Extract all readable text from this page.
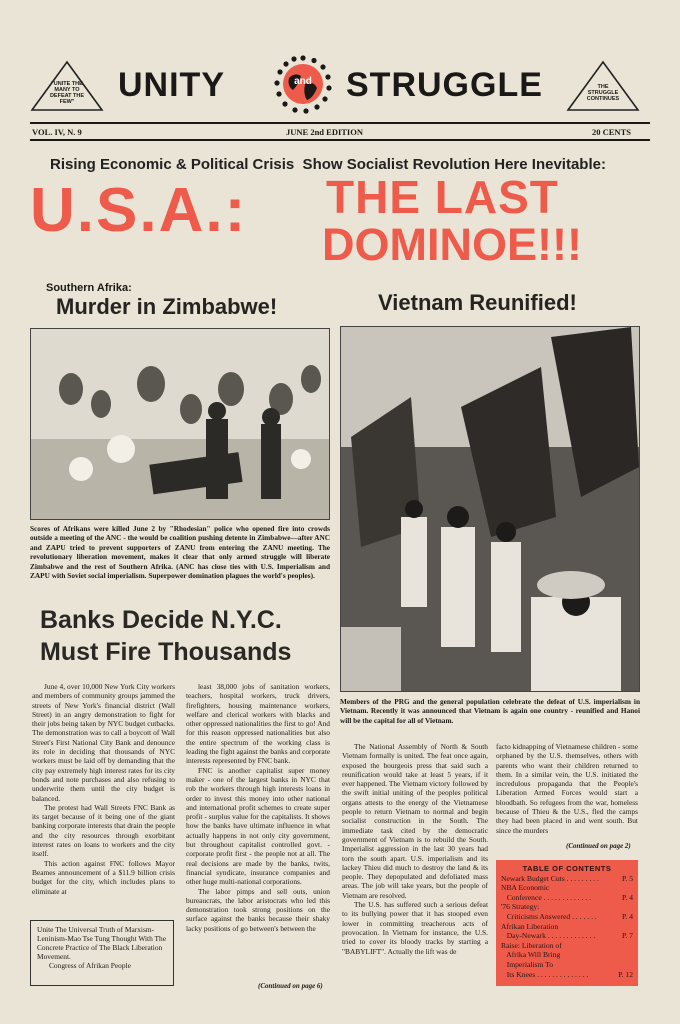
"UNITE THE MANY TO DEFEAT THE FEW"	UNITY	and	STRUGGLE	THE STRUGGLE CONTINUES
VOL. IV, N. 9	JUNE 2nd EDITION	20 CENTS
Rising Economic & Political Crisis  Show Socialist Revolution Here Inevitable:
U.S.A.: THE LAST
DOMINOE!!!
Southern Afrika:
Murder in Zimbabwe!
Scores of Afrikans were killed June 2 by "Rhodesian" police who opened fire into crowds outside a meeting of the ANC - the would be coalition pushing detente in Zimbabwe—after ANC and ZAPU tried to prevent supporters of ZANU from entering the ZANU meeting. The revolutionary liberation movement, makes it clear that only armed struggle will liberate Zimbabwe and the rest of Southern Afrika. (ANC has close ties with U.S. Imperialism and ZAPU with Soviet social imperialism. Superpower domination plagues the world's peoples).
Vietnam Reunified!
Members of the PRG and the general population celebrate the defeat of U.S. imperialism in Vietnam. Recently it was announced that Vietnam is again one country - reunified and Hanoi will be the capital for all of Vietnam.
Banks Decide N.Y.C.
Must Fire Thousands

June 4, over 10,000 New York City workers and members of community groups jammed the streets of New York's financial district (Wall Street) in an angry demonstration to fight for their jobs being taken by NYC budget cutbacks. The demonstration was to call a boycott of Wall Street's First National City Bank and denounce its role in deciding that thousands of NYC workers must be laid off by demanding that the city pay extremely high interest rates for its city bonds and note purchases and also refusing to underwrite them until the city budget is balanced.

The protest had Wall Streets FNC Bank as its target because of it being one of the giant banking corporate interests that drain the people and the city resources through exorbitant interest rates on loans to workers and the city itself.

This action against FNC follows Mayor Beames announcement of a $11.9 billion crisis budget for the city, which includes plans to eliminate at

least 38,000 jobs of sanitation workers, teachers, hospital workers, truck drivers, firefighters, housing maintenance workers, welfare and clerical workers with blacks and other oppressed nationalities the first to go! And for this reason oppressed nationalities but also the entire spectrum of the working class is leading the fight against the banks and corporate interests represented by FNC bank.

FNC is another capitalist super money maker - one of the largest banks in NYC that rob the workers through high interests loans in order to invest this money into other national and international profit schemes to create super profit - surplus value for the capitalists. It shows how the banks have ultimate influence in what actually happens in not only city government, but throughout capitalist controlled govt. - corporate profit first - the people not at all. The real decisions are made by the banks, twits, financial syndicate, insurance companies and other huge multi-national corporations.

The labor pimps and sell outs, union bureaucrats, the labor aristocrats who led this demonstration took strong positions on the surface against the banks because their shaky lacky positions of go between's between the

(Continued on page 6)
Unite The Universal Truth of Marxism-Leninism-Mao Tse Tung Thought With The Concrete Practice of The Black Liberation Movement.
Congress of Afrikan People

The National Assembly of North & South Vietnam formally is united. The feat once again, exposed the bourgeois press that said such a reunification would take at least 5 years, if it ever happened. The Vietnam victory followed by the swift initial uniting of the peoples political organs attests to the energy of the Vietnamese people to return Vietnam to normal and begin socialist construction in the South. The immediate task cited by the democratic government of Vietnam is to rebuild the South. Imperialist aggression in the last 30 years had torn the south apart. U.S. imperialism and its lackey Thieu did much to destroy the land & its people. They depopulated and defoliated mass areas. The job will take years, but the people of Vietnam are resolved.

The U.S. has suffered such a serious defeat to its bullying power that it has stooped even lower in committing treacherous acts of provocation. In Vietnam for instance, the U.S. tried to cover its bloody tracks by starting a "BABYLIFT". Actually the lift was de

facto kidnapping of Vietnamese children - some orphaned by the U.S. themselves, others with parents who want their children returned to them. In a similar vein, the U.S. initiated the incredulous propaganda that the People's Liberation Armed Forces would start a bloodbath. So refugees from the war, homeless because of Thieu & the U.S., fled the camps they had been placed in and went south. But since the murders

(Continued on page 2)
TABLE OF CONTENTS
Newark Budget Cuts . . . . . . . . .	P. 5
NBA Economic
Conference . . . . . . . . . . . . .	P. 4
'76 Strategy:
Criticisms Answered . . . . . . .	P. 4
Afrikan Liberation
Day-Newark . . . . . . . . . . . . .	P. 7
Raise: Liberation of
Afrika Will Bring
Imperialism To
Its Knees . . . . . . . . . . . . . .	P. 12
